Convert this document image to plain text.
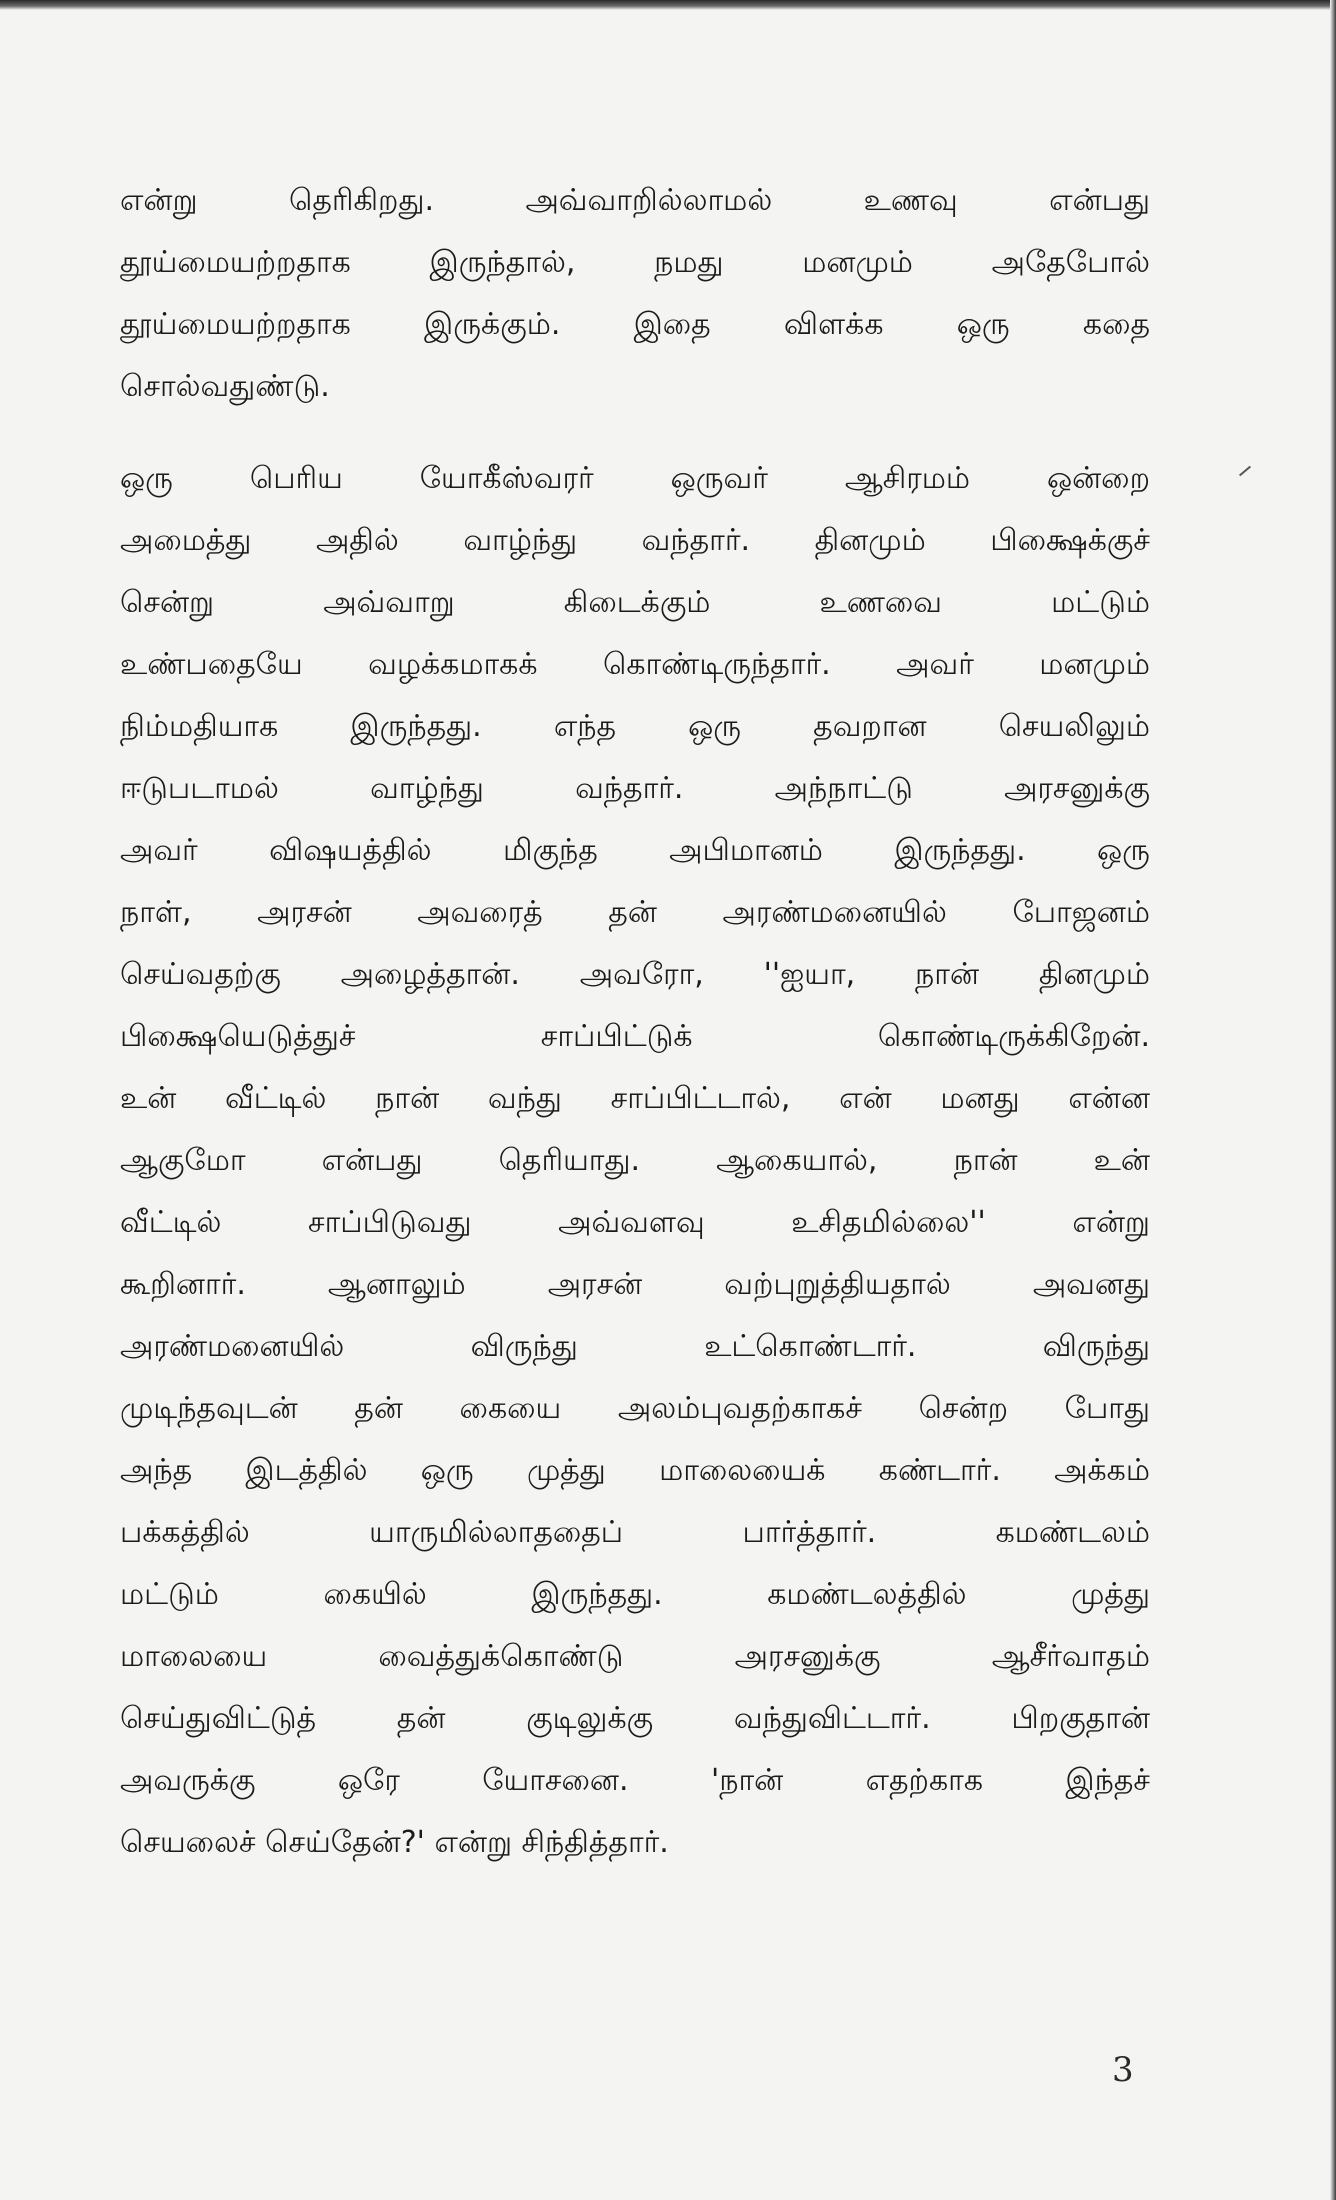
என்று தெரிகிறது. அவ்வாறில்லாமல் உணவு என்பது
தூய்மையற்றதாக இருந்தால், நமது மனமும் அதேபோல்
தூய்மையற்றதாக இருக்கும். இதை விளக்க ஒரு கதை
சொல்வதுண்டு.
ஒரு பெரிய யோகீஸ்வரர் ஒருவர் ஆசிரமம் ஒன்றை
அமைத்து அதில் வாழ்ந்து வந்தார். தினமும் பிக்ஷைக்குச்
சென்று அவ்வாறு கிடைக்கும் உணவை மட்டும்
உண்பதையே வழக்கமாகக் கொண்டிருந்தார். அவர் மனமும்
நிம்மதியாக இருந்தது. எந்த ஒரு தவறான செயலிலும்
ஈடுபடாமல் வாழ்ந்து வந்தார். அந்நாட்டு அரசனுக்கு
அவர் விஷயத்தில் மிகுந்த அபிமானம் இருந்தது. ஒரு
நாள், அரசன் அவரைத் தன் அரண்மனையில் போஜனம்
செய்வதற்கு அழைத்தான். அவரோ, ''ஐயா, நான் தினமும்
பிக்ஷையெடுத்துச் சாப்பிட்டுக் கொண்டிருக்கிறேன்.
உன் வீட்டில் நான் வந்து சாப்பிட்டால், என் மனது என்ன
ஆகுமோ என்பது தெரியாது. ஆகையால், நான் உன்
வீட்டில் சாப்பிடுவது அவ்வளவு உசிதமில்லை'' என்று
கூறினார். ஆனாலும் அரசன் வற்புறுத்தியதால் அவனது
அரண்மனையில் விருந்து உட்கொண்டார். விருந்து
முடிந்தவுடன் தன் கையை அலம்புவதற்காகச் சென்ற போது
அந்த இடத்தில் ஒரு முத்து மாலையைக் கண்டார். அக்கம்
பக்கத்தில் யாருமில்லாததைப் பார்த்தார். கமண்டலம்
மட்டும் கையில் இருந்தது. கமண்டலத்தில் முத்து
மாலையை வைத்துக்கொண்டு அரசனுக்கு ஆசீர்வாதம்
செய்துவிட்டுத் தன் குடிலுக்கு வந்துவிட்டார். பிறகுதான்
அவருக்கு ஒரே யோசனை. 'நான் எதற்காக இந்தச்
செயலைச் செய்தேன்?' என்று சிந்தித்தார்.
3
